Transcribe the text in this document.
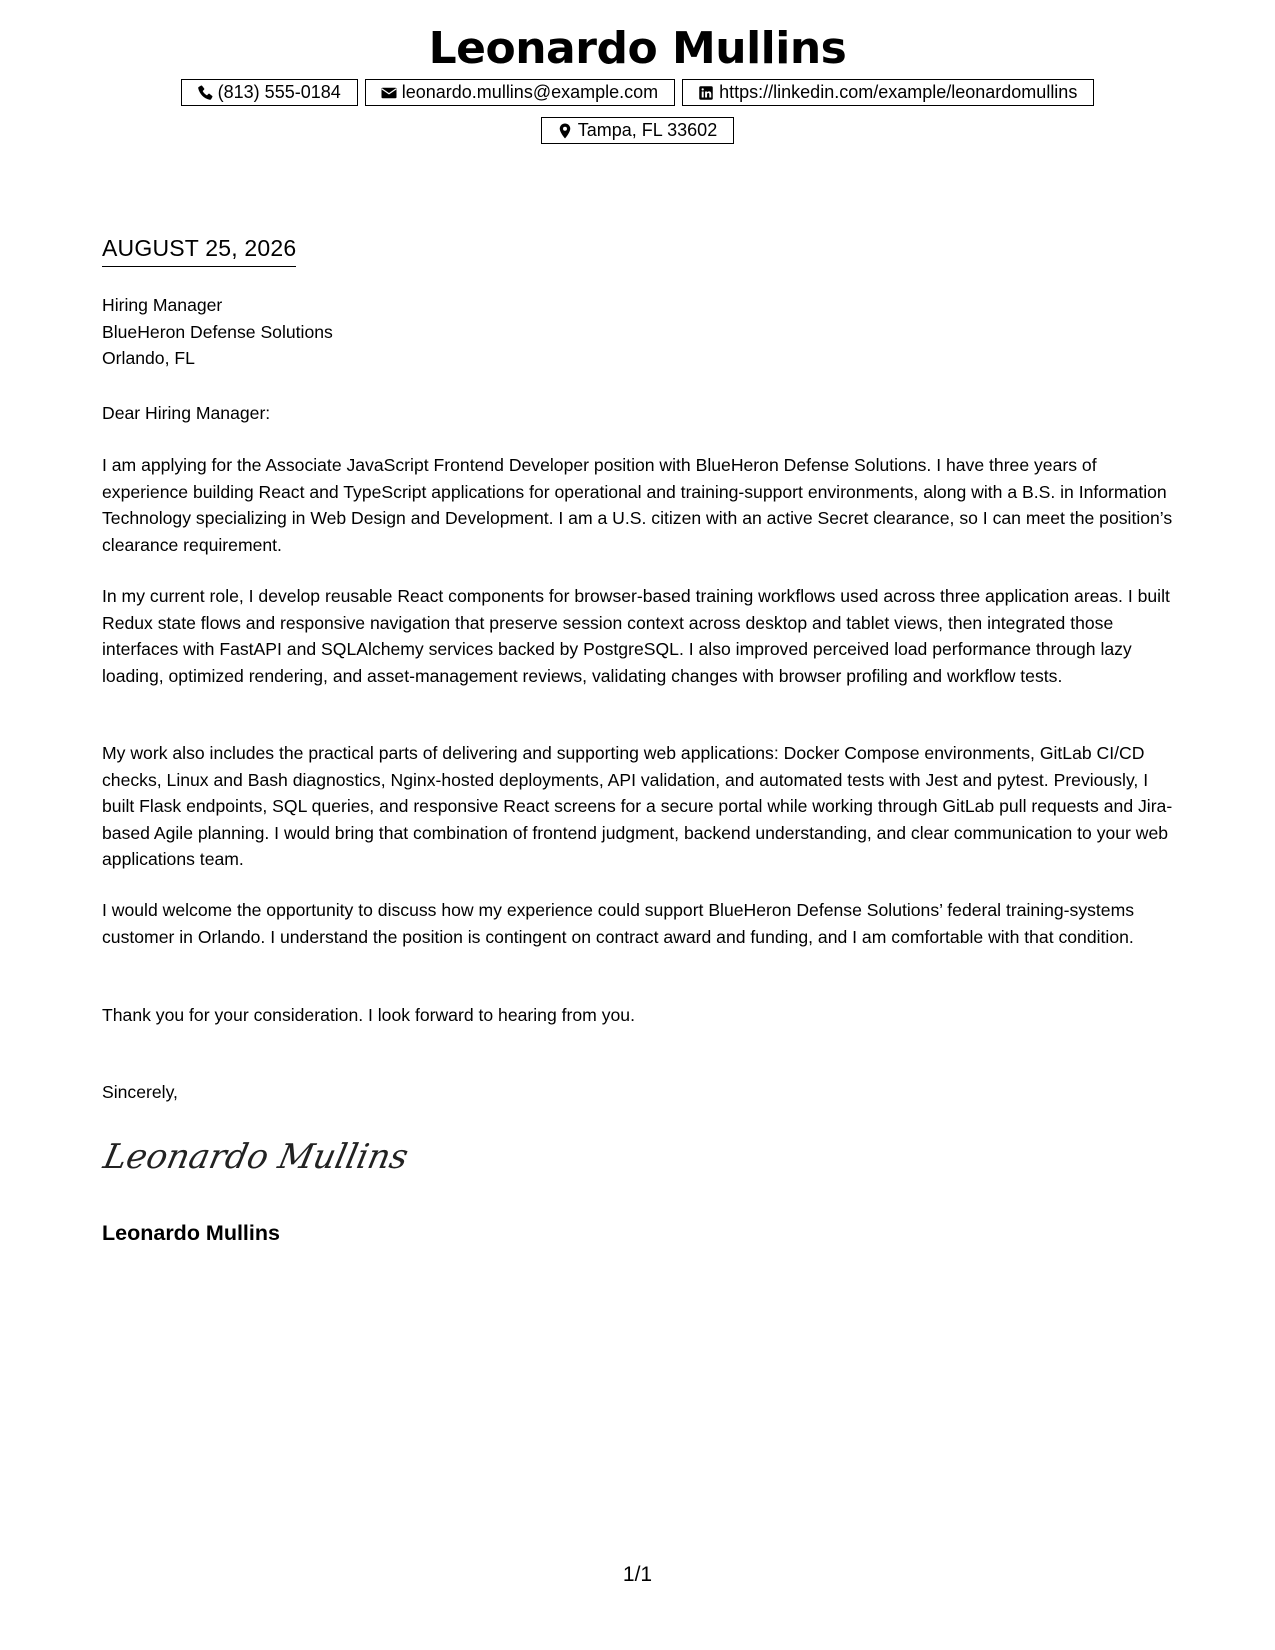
Leonardo Mullins
(813) 555-0184	leonardo.mullins@example.com	https://linkedin.com/example/leonardomullins
Tampa, FL 33602
AUGUST 25, 2026
Hiring Manager
BlueHeron Defense Solutions
Orlando, FL

Dear Hiring Manager:

I am applying for the Associate JavaScript Frontend Developer position with BlueHeron Defense Solutions. I have three years of experience building React and TypeScript applications for operational and training-support environments, along with a B.S. in Information Technology specializing in Web Design and Development. I am a U.S. citizen with an active Secret clearance, so I can meet the position’s clearance requirement.

In my current role, I develop reusable React components for browser-based training workflows used across three application areas. I built Redux state flows and responsive navigation that preserve session context across desktop and tablet views, then integrated those interfaces with FastAPI and SQLAlchemy services backed by PostgreSQL. I also improved perceived load performance through lazy loading, optimized rendering, and asset-management reviews, validating changes with browser profiling and workflow tests.

My work also includes the practical parts of delivering and supporting web applications: Docker Compose environments, GitLab CI/CD checks, Linux and Bash diagnostics, Nginx-hosted deployments, API validation, and automated tests with Jest and pytest. Previously, I built Flask endpoints, SQL queries, and responsive React screens for a secure portal while working through GitLab pull requests and Jira-based Agile planning. I would bring that combination of frontend judgment, backend understanding, and clear communication to your web applications team.

I would welcome the opportunity to discuss how my experience could support BlueHeron Defense Solutions’ federal training-systems customer in Orlando. I understand the position is contingent on contract award and funding, and I am comfortable with that condition.

Thank you for your consideration. I look forward to hearing from you.

Sincerely,

Leonardo Mullins

Leonardo Mullins

1/1
